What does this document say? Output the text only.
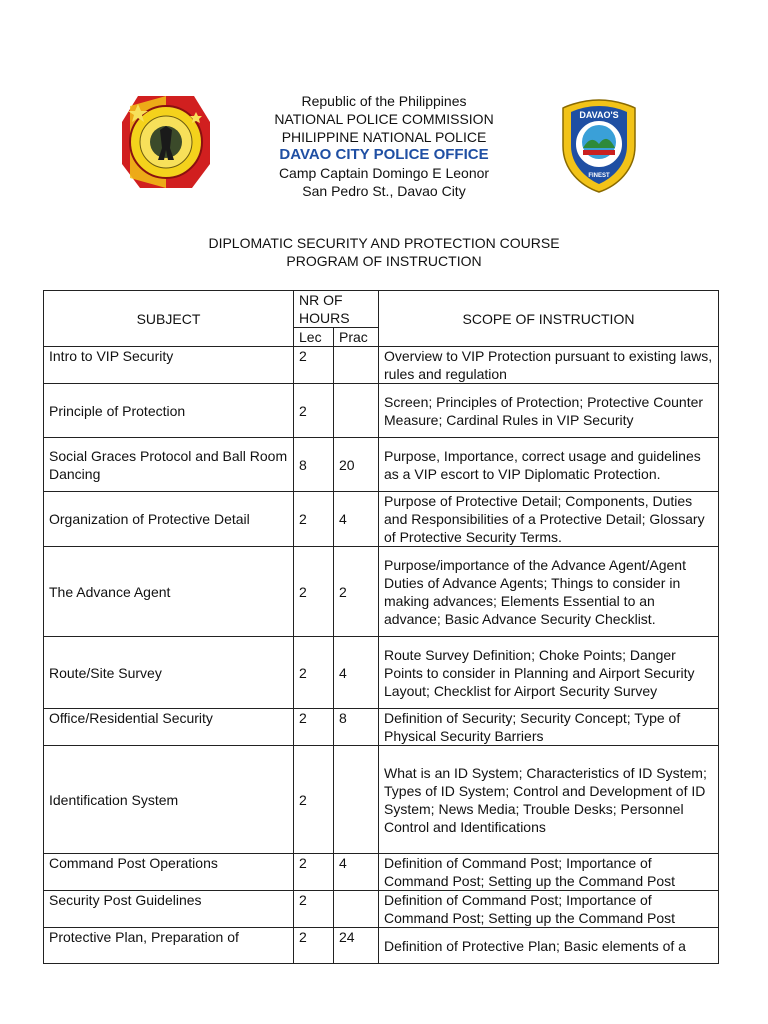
DAVAO'S
FINEST
Republic of the Philippines
NATIONAL POLICE COMMISSION
PHILIPPINE NATIONAL POLICE
DAVAO CITY POLICE OFFICE
Camp Captain Domingo E Leonor
San Pedro St., Davao City
DIPLOMATIC SECURITY AND PROTECTION COURSE
PROGRAM OF INSTRUCTION
SUBJECT	NR OF HOURS		SCOPE OF INSTRUCTION
	Lec	Prac	
Intro to VIP Security	2		Overview to VIP Protection pursuant to existing laws, rules and regulation
Principle of Protection	2		Screen; Principles of Protection; Protective Counter Measure; Cardinal Rules in VIP Security
Social Graces Protocol and Ball Room Dancing	8	20	Purpose, Importance, correct usage and guidelines as a VIP escort to VIP Diplomatic Protection.
Organization of Protective Detail	2	4	Purpose of Protective Detail; Components, Duties and Responsibilities of a Protective Detail; Glossary of Protective Security Terms.
The Advance Agent	2	2	Purpose/importance of the Advance Agent/Agent Duties of Advance Agents; Things to consider in making advances; Elements Essential to an advance; Basic Advance Security Checklist.
Route/Site Survey	2	4	Route Survey Definition; Choke Points; Danger Points to consider in Planning and Airport Security Layout; Checklist for Airport Security Survey
Office/Residential Security	2	8	Definition of Security; Security Concept; Type of Physical Security Barriers
Identification System	2		What is an ID System; Characteristics of ID System; Types of ID System; Control and Development of ID System; News Media; Trouble Desks; Personnel Control and Identifications
Command Post Operations	2	4	Definition of Command Post; Importance of Command Post; Setting up the Command Post
Security Post Guidelines	2		Definition of Command Post; Importance of Command Post; Setting up the Command Post
Protective Plan, Preparation of	2	24	Definition of Protective Plan; Basic elements of a
